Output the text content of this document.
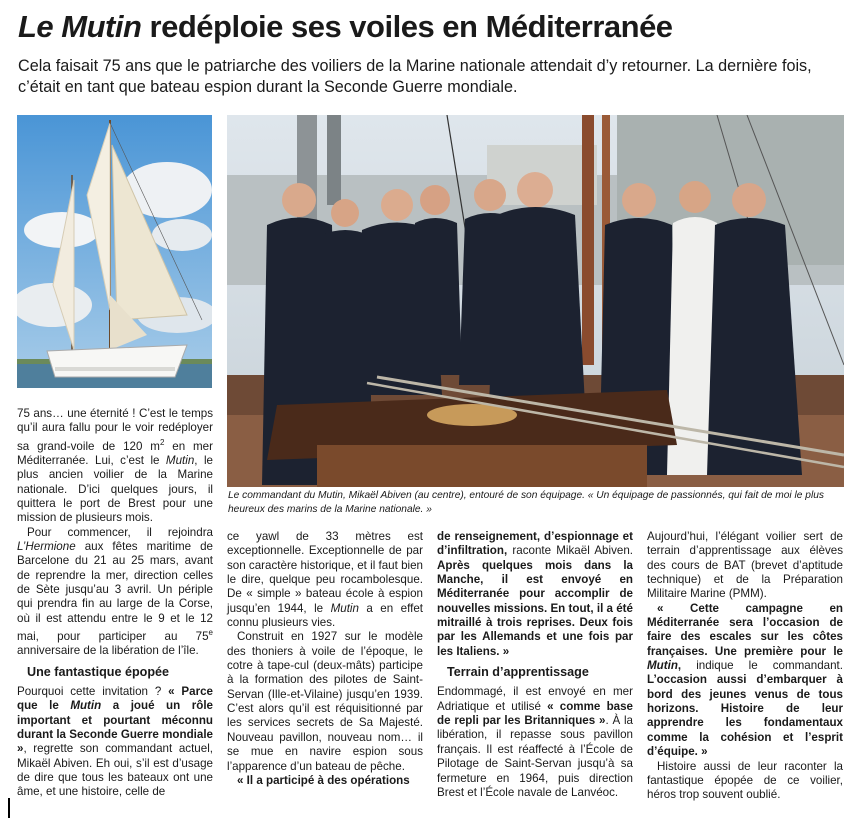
Le Mutin redéploie ses voiles en Méditerranée
Cela faisait 75 ans que le patriarche des voiliers de la Marine nationale attendait d’y retourner. La dernière fois, c’était en tant que bateau espion durant la Seconde Guerre mondiale.
Le commandant du Mutin, Mikaël Abiven (au centre), entouré de son équipage. « Un équipage de passionnés, qui fait de moi le plus heureux des marins de la Marine nationale. »

75 ans… une éternité ! C’est le temps qu’il aura fallu pour le voir redéployer sa grand-voile de 120 $m^2$ en mer Méditerranée. Lui, c’est le Mutin, le plus ancien voilier de la Marine nationale. D’ici quelques jours, il quittera le port de Brest pour une mission de plusieurs mois.

Pour commencer, il rejoindra L’Hermione aux fêtes maritime de Barcelone du 21 au 25 mars, avant de reprendre la mer, direction celles de Sète jusqu’au 3 avril. Un périple qui prendra fin au large de la Corse, où il est attendu entre le 9 et le 12 mai, pour participer au 75e anniversaire de la libération de l’île.

Une fantastique épopée

Pourquoi cette invitation ? « Parce que le Mutin a joué un rôle important et pourtant méconnu durant la Seconde Guerre mondiale », regrette son commandant actuel, Mikaël Abiven. Eh oui, s’il est d’usage de dire que tous les bateaux ont une âme, et une histoire, celle de

ce yawl de 33 mètres est exceptionnelle. Exceptionnelle de par son caractère historique, et il faut bien le dire, quelque peu rocambolesque. De « simple » bateau école à espion jusqu’en 1944, le Mutin a en effet connu plusieurs vies.

Construit en 1927 sur le modèle des thoniers à voile de l’époque, le cotre à tape-cul (deux-mâts) participe à la formation des pilotes de Saint-Servan (Ille-et-Vilaine) jusqu’en 1939. C’est alors qu’il est réquisitionné par les services secrets de Sa Majesté. Nouveau pavillon, nouveau nom… il se mue en navire espion sous l’apparence d’un bateau de pêche.

« Il a participé à des opérations

de renseignement, d’espionnage et d’infiltration, raconte Mikaël Abiven. Après quelques mois dans la Manche, il est envoyé en Méditerranée pour accomplir de nouvelles missions. En tout, il a été mitraillé à trois reprises. Deux fois par les Allemands et une fois par les Italiens. »

Terrain d’apprentissage

Endommagé, il est envoyé en mer Adriatique et utilisé « comme base de repli par les Britanniques ». À la libération, il repasse sous pavillon français. Il est réaffecté à l’École de Pilotage de Saint-Servan jusqu’à sa fermeture en 1964, puis direction Brest et l’École navale de Lanvéoc.

Aujourd’hui, l’élégant voilier sert de terrain d’apprentissage aux élèves des cours de BAT (brevet d’aptitude technique) et de la Préparation Militaire Marine (PMM).

« Cette campagne en Méditerranée sera l’occasion de faire des escales sur les côtes françaises. Une première pour le Mutin, indique le commandant. L’occasion aussi d’embarquer à bord des jeunes venus de tous horizons. Histoire de leur apprendre les fondamentaux comme la cohésion et l’esprit d’équipe. »

Histoire aussi de leur raconter la fantastique épopée de ce voilier, héros trop souvent oublié.
